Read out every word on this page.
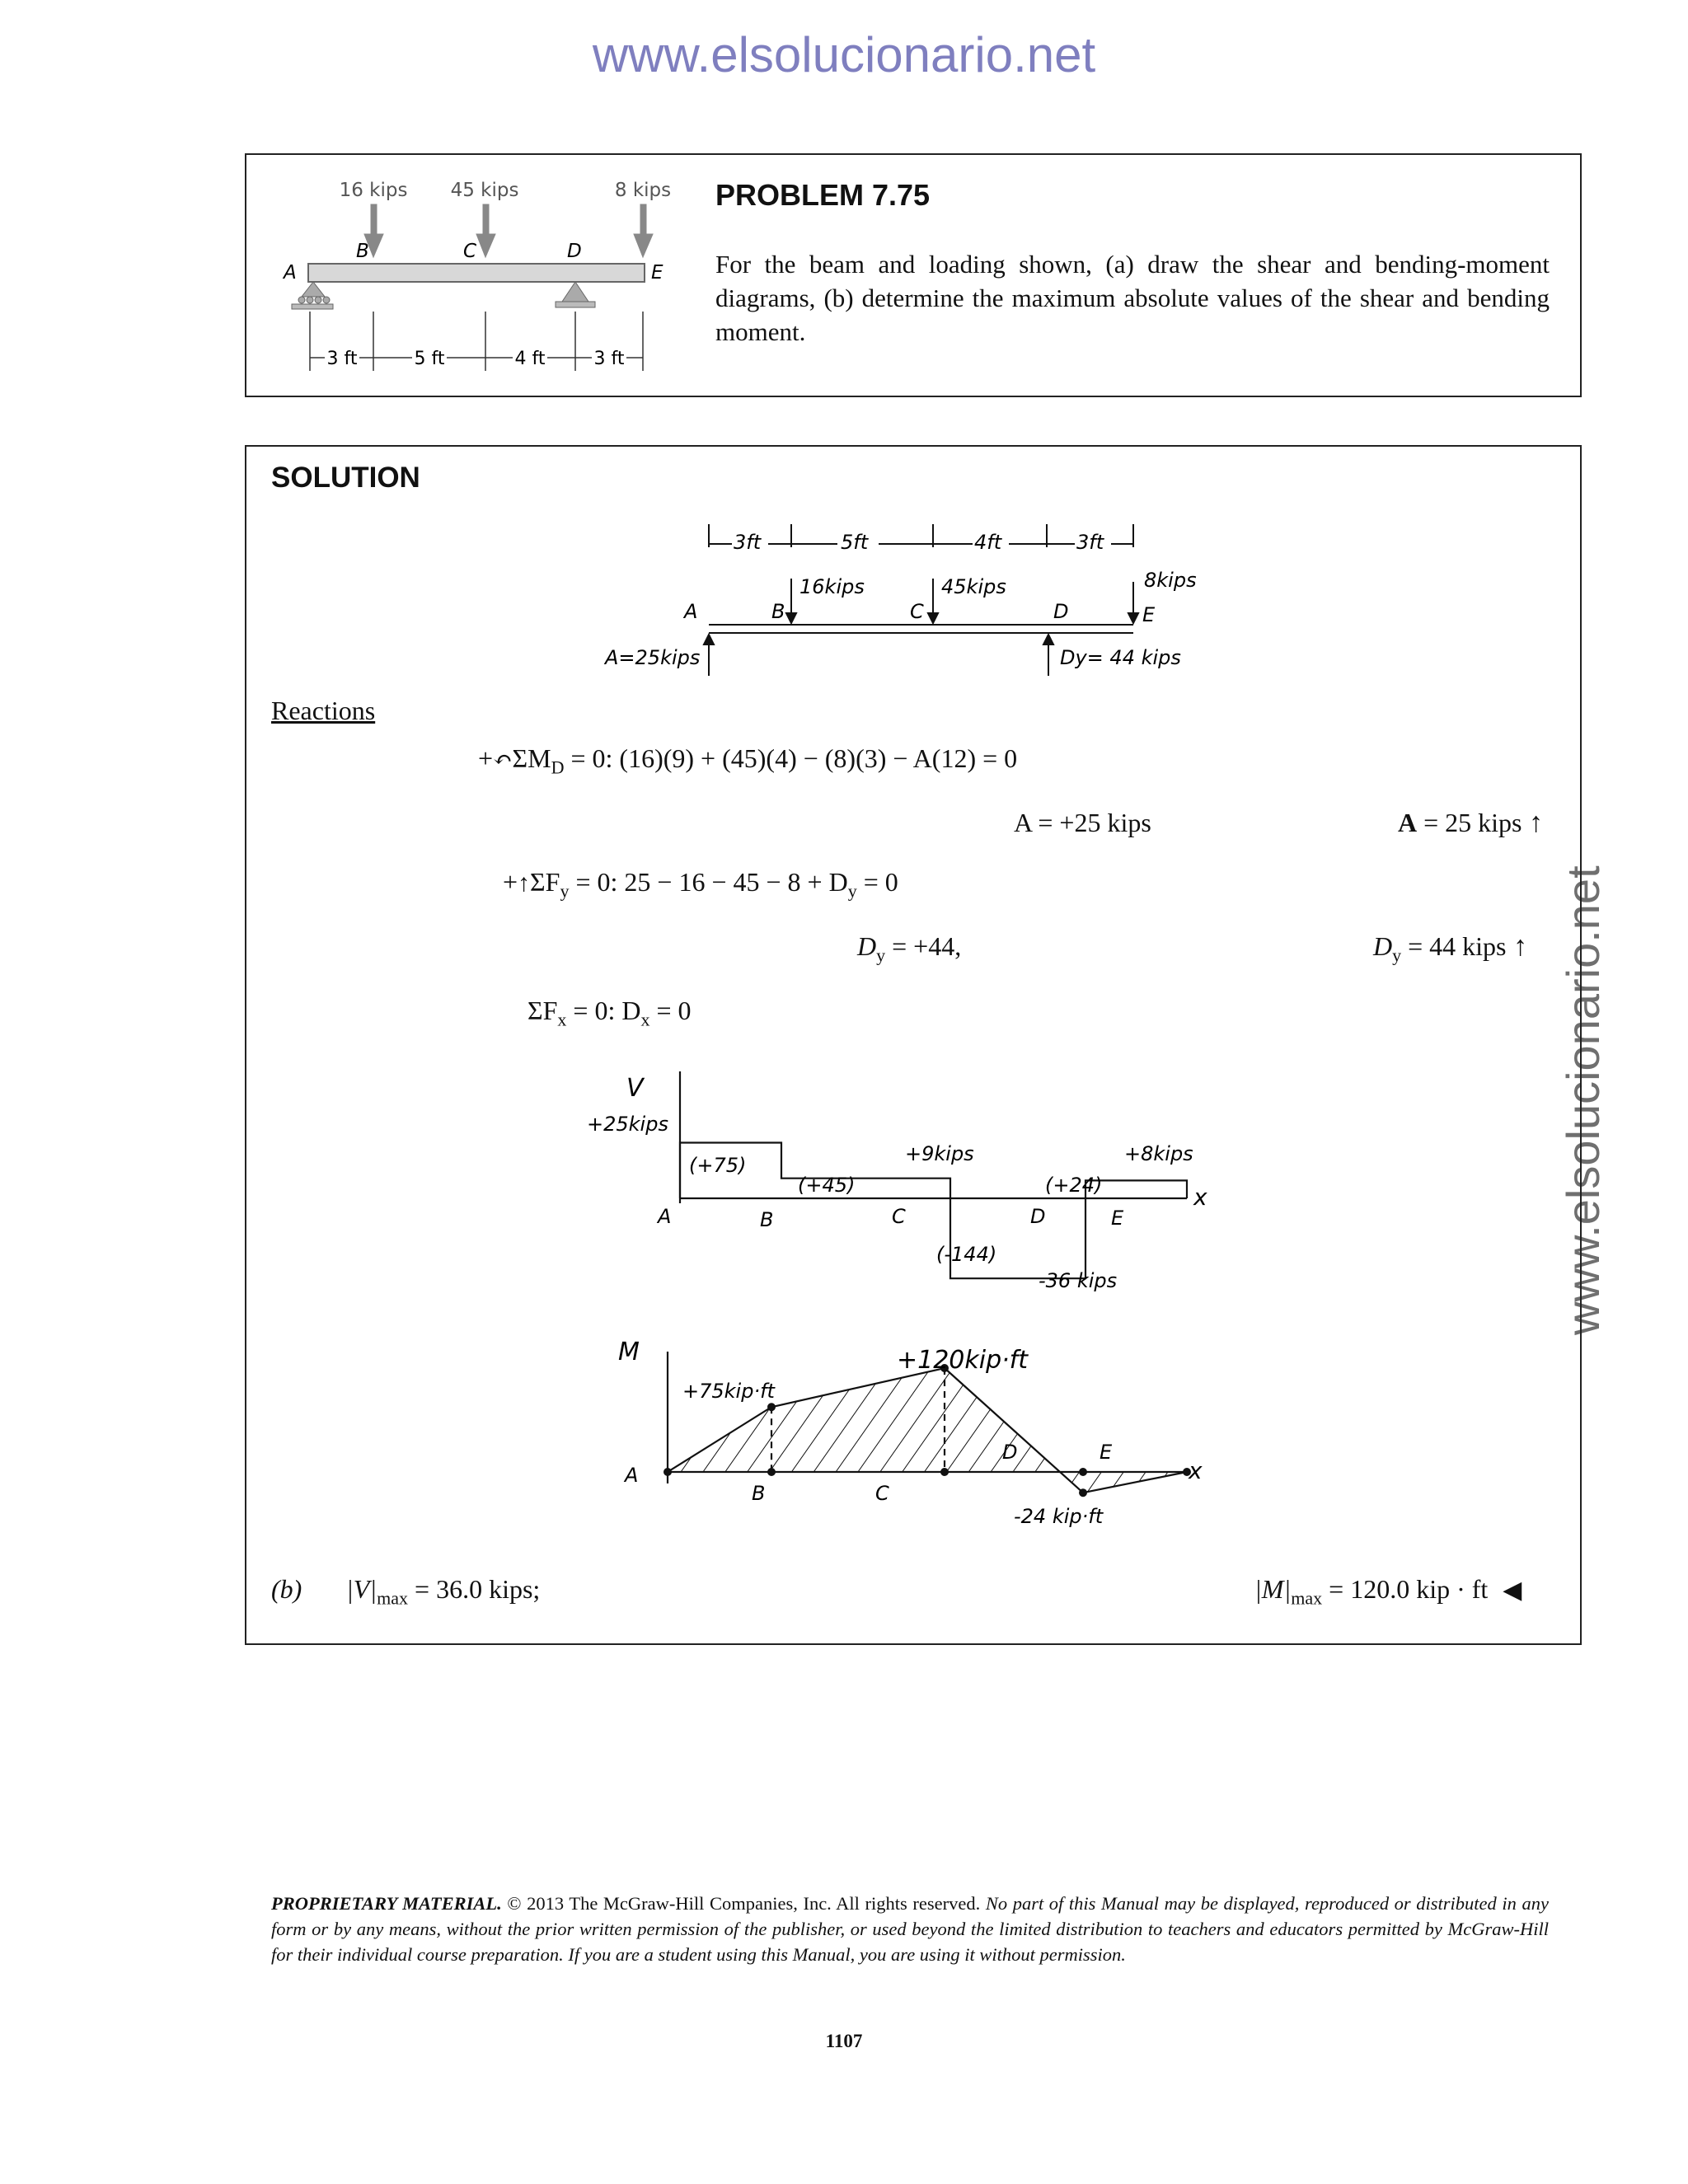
www.elsolucionario.net
www.elsolucionario.net
16 kips 45 kips	8 kips
B	C	D
A	E
3 ft	5 ft	4 ft	3 ft
PROBLEM 7.75
For the beam and loading shown, (a) draw the shear and bending-moment diagrams, (b) determine the maximum absolute values of the shear and bending moment.
SOLUTION
3ft	5ft	4ft	3ft
16kips	45kips	8kips
A	B	C	D	E
A=25kips	Dy= 44 kips
Reactions
$+↶\Sigma M_D = 0$: (16)(9) + (45)(4) − (8)(3) − A(12) = 0
A = +25 kips	A = 25 kips ↑
$+↑\Sigma F_y = 0$: $25 - 16 - 45 - 8 + D_y = 0$
$D_y = +44$,	$D_y = 44$ kips ↑
$\Sigma F_x = 0$: $D_x = 0$
V
x
+25kips
+9kips
-36 kips
+8kips
(+75)
(+45)
(-144)
(+24)
A	B	C	D	E
M
x
+75kip·ft
+120kip·ft
-24 kip·ft
A
B	C
D	E
(b) $|V|_{max} = 36.0$ kips;	$|M|_{max} = 120.0$ kip · ft ◀
PROPRIETARY MATERIAL. © 2013 The McGraw-Hill Companies, Inc. All rights reserved. No part of this Manual may be displayed, reproduced or distributed in any form or by any means, without the prior written permission of the publisher, or used beyond the limited distribution to teachers and educators permitted by McGraw-Hill for their individual course preparation. If you are a student using this Manual, you are using it without permission.
1107
